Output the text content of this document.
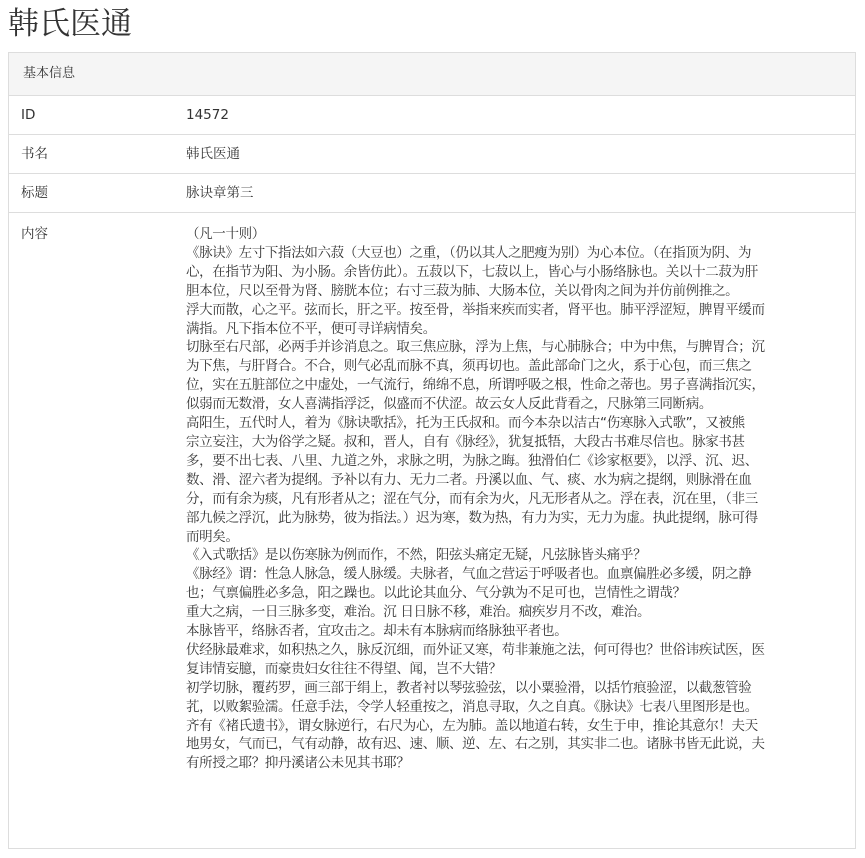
韩氏医通
基本信息
ID	14572
书名	韩氏医通
标题	脉诀章第三
内容	（凡一十则）

《脉诀》左寸下指法如六菽（大豆也）之重，（仍以其人之肥瘦为别）为心本位。（在指顶为阴、为

心，在指节为阳、为小肠。余皆仿此）。五菽以下，七菽以上，皆心与小肠络脉也。关以十二菽为肝

胆本位，尺以至骨为肾、膀胱本位；右寸三菽为肺、大肠本位，关以骨肉之间为并仿前例推之。

浮大而散，心之平。弦而长，肝之平。按至骨，举指来疾而实者，肾平也。肺平浮涩短，脾胃平缓而

满指。凡下指本位不平，便可寻详病情矣。

切脉至右尺部，必两手并诊消息之。取三焦应脉，浮为上焦，与心肺脉合；中为中焦，与脾胃合；沉

为下焦，与肝肾合。不合，则气必乱而脉不真，须再切也。盖此部命门之火，系于心包，而三焦之

位，实在五脏部位之中虚处，一气流行，绵绵不息，所谓呼吸之根，性命之蒂也。男子喜满指沉实，

似弱而无数滑，女人喜满指浮泛，似盛而不伏涩。故云女人反此背看之，尺脉第三同断病。

高阳生，五代时人，着为《脉诀歌括》，托为王氏叔和。而今本杂以洁古“伤寒脉入式歌”，又被熊

宗立妄注，大为俗学之疑。叔和，晋人，自有《脉经》，犹复抵牾，大段古书难尽信也。脉家书甚

多，要不出七表、八里、九道之外，求脉之明，为脉之晦。独滑伯仁《诊家枢要》，以浮、沉、迟、

数、滑、涩六者为提纲。予补以有力、无力二者。丹溪以血、气、痰、水为病之提纲，则脉滑在血

分，而有余为痰，凡有形者从之；涩在气分，而有余为火，凡无形者从之。浮在表，沉在里，（非三

部九候之浮沉，此为脉势，彼为指法。）迟为寒，数为热，有力为实，无力为虚。执此提纲，脉可得

而明矣。

《入式歌括》是以伤寒脉为例而作，不然，阳弦头痛定无疑，凡弦脉皆头痛乎？

《脉经》谓：性急人脉急，缓人脉缓。夫脉者，气血之营运于呼吸者也。血禀偏胜必多缓，阴之静

也；气禀偏胜必多急，阳之躁也。以此论其血分、气分孰为不足可也，岂情性之谓哉？

重大之病，一日三脉多变，难治。沉 日日脉不移，难治。痼疾岁月不改，难治。

本脉皆平，络脉否者，宜攻击之。却未有本脉病而络脉独平者也。

伏经脉最难求，如积热之久，脉反沉细，而外证又寒，苟非兼施之法，何可得也？世俗讳疾试医，医

复讳情妄臆，而豪贵妇女往往不得望、闻，岂不大错？

初学切脉，覆药罗，画三部于绢上，教者衬以琴弦验弦，以小粟验滑，以括竹痕验涩，以截葱管验

芤，以败絮验濡。任意手法，令学人轻重按之，消息寻取，久之自真。《脉诀》七表八里图形是也。

齐有《褚氏遗书》，谓女脉逆行，右尺为心，左为肺。盖以地道右转，女生于申，推论其意尔！夫天

地男女，气而已，气有动静，故有迟、速、顺、逆、左、右之别，其实非二也。诸脉书皆无此说，夫

有所授之耶？抑丹溪诸公未见其书耶？
